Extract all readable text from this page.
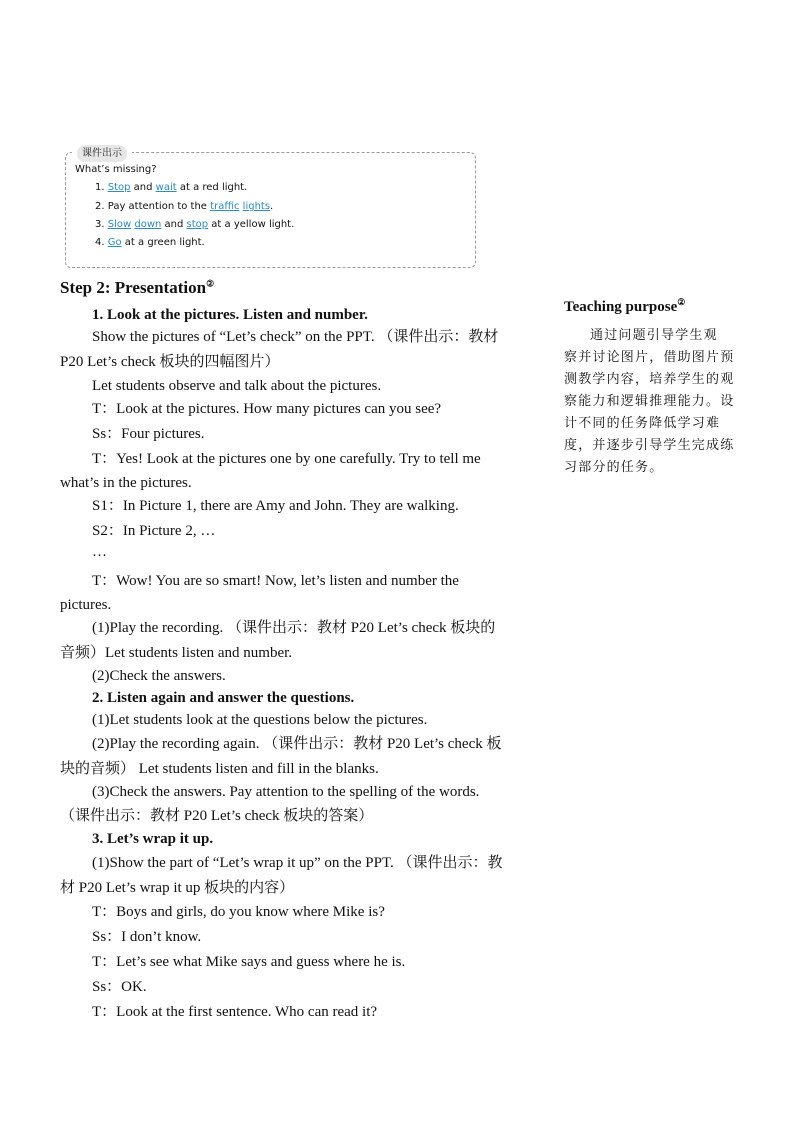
课件出示
What’s missing?
1. Stop and wait at a red light.
2. Pay attention to the traffic lights.
3. Slow down and stop at a yellow light.
4. Go at a green light.
Step 2: Presentation②
1. Look at the pictures. Listen and number.
Show the pictures of “Let’s check” on the PPT. （课件出示：教材
P20 Let’s check 板块的四幅图片）
Let students observe and talk about the pictures.
T：Look at the pictures. How many pictures can you see?
Ss：Four pictures.
T：Yes! Look at the pictures one by one carefully. Try to tell me
what’s in the pictures.
S1：In Picture 1, there are Amy and John. They are walking.
S2：In Picture 2, …
…
T：Wow! You are so smart! Now, let’s listen and number the
pictures.
(1)Play the recording. （课件出示：教材 P20 Let’s check 板块的
音频）Let students listen and number.
(2)Check the answers.
2. Listen again and answer the questions.
(1)Let students look at the questions below the pictures.
(2)Play the recording again. （课件出示：教材 P20 Let’s check 板
块的音频） Let students listen and fill in the blanks.
(3)Check the answers. Pay attention to the spelling of the words.
（课件出示：教材 P20 Let’s check 板块的答案）
3. Let’s wrap it up.
(1)Show the part of “Let’s wrap it up” on the PPT. （课件出示：教
材 P20 Let’s wrap it up 板块的内容）
T：Boys and girls, do you know where Mike is?
Ss：I don’t know.
T：Let’s see what Mike says and guess where he is.
Ss：OK.
T：Look at the first sentence. Who can read it?
Teaching purpose②
通过问题引导学生观
察并讨论图片，借助图片预
测教学内容，培养学生的观
察能力和逻辑推理能力。设
计不同的任务降低学习难
度，并逐步引导学生完成练
习部分的任务。
